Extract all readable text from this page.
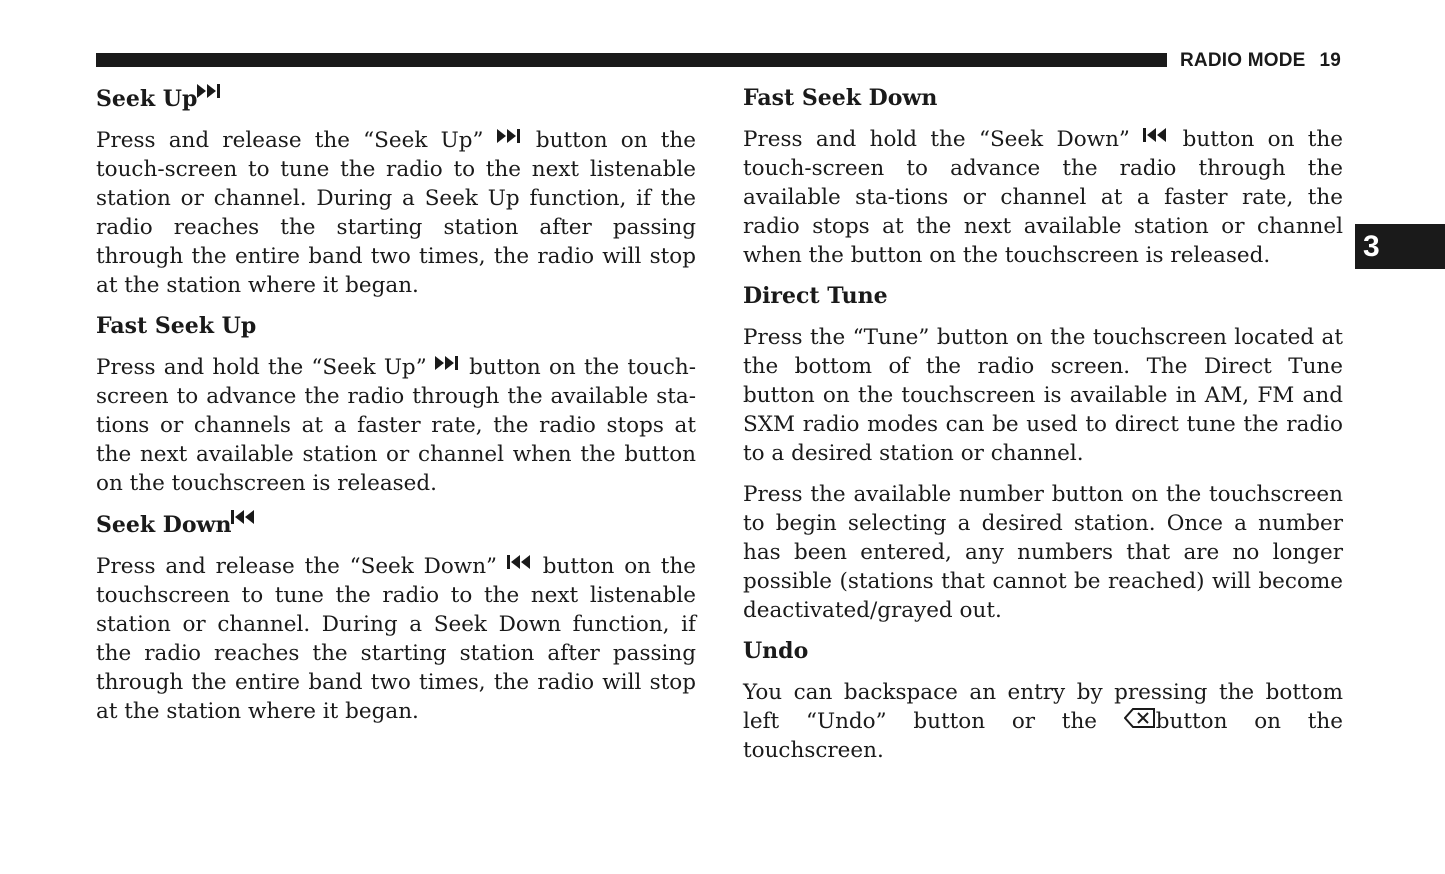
RADIO MODE 19
3
Seek Up

Press and release the “Seek Up” button on the touch-screen to tune the radio to the next listenable station or channel. During a Seek Up function, if the radio reaches the starting station after passing through the entire band two times, the radio will stop at the station where it began.

Fast Seek Up

Press and hold the “Seek Up” button on the touch-screen to advance the radio through the available sta-tions or channels at a faster rate, the radio stops at the next available station or channel when the button on the touchscreen is released.

Seek Down

Press and release the “Seek Down” button on the touchscreen to tune the radio to the next listenable station or channel. During a Seek Down function, if the radio reaches the starting station after passing through the entire band two times, the radio will stop at the station where it began.

Fast Seek Down

Press and hold the “Seek Down” button on the touch-screen to advance the radio through the available sta-tions or channel at a faster rate, the radio stops at the next available station or channel when the button on the touchscreen is released.

Direct Tune

Press the “Tune” button on the touchscreen located at the bottom of the radio screen. The Direct Tune button on the touchscreen is available in AM, FM and SXM radio modes can be used to direct tune the radio to a desired station or channel.

Press the available number button on the touchscreen to begin selecting a desired station. Once a number has been entered, any numbers that are no longer possible (stations that cannot be reached) will become deactivated/grayed out.

Undo

You can backspace an entry by pressing the bottom left “Undo” button or the	button on the touchscreen.
